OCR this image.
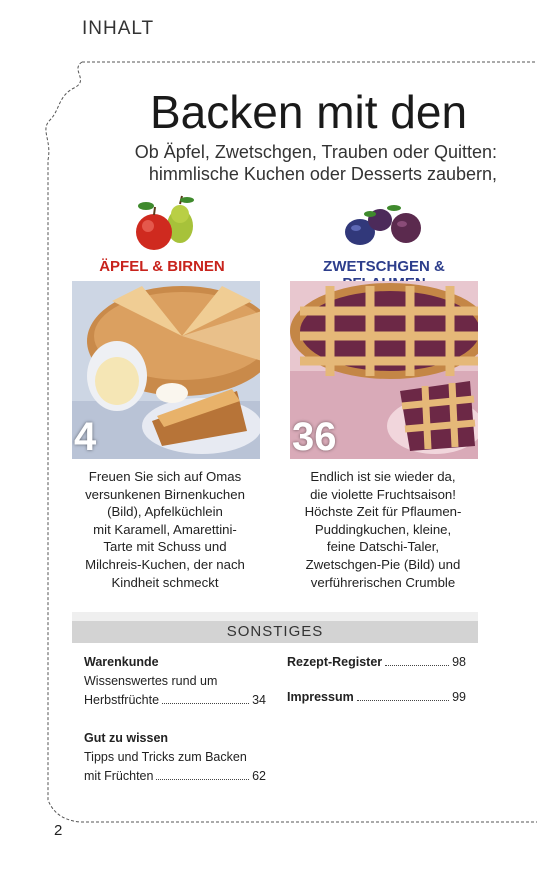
INHALT
Backen mit den
Ob Äpfel, Zwetschgen, Trauben oder Quitten:
himmlische Kuchen oder Desserts zaubern,
ÄPFEL & BIRNEN	ZWETSCHGEN &
4	36
Freuen Sie sich auf Omas
versunkenen Birnenkuchen
(Bild), Apfelküchlein
mit Karamell, Amarettini-
Tarte mit Schuss und
Milchreis-Kuchen, der nach
Kindheit schmeckt
Endlich ist sie wieder da,
die violette Fruchtsaison!
Höchste Zeit für Pflaumen-
Puddingkuchen, kleine,
feine Datschi-Taler,
Zwetschgen-Pie (Bild) und
verführerischen Crumble
SONSTIGES
Warenkunde
Wissenswertes rund um
Herbstfrüchte	34
Gut zu wissen
Tipps und Tricks zum Backen
mit Früchten	62
Rezept-Register	98
Impressum	99
2
